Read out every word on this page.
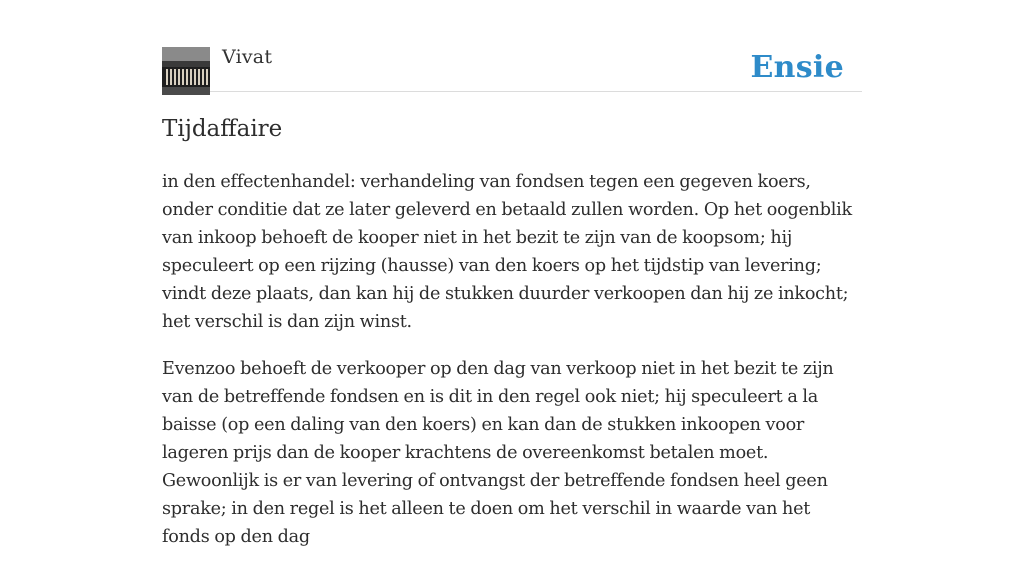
Vivat	Ensie
Tijdaffaire

in den effectenhandel: verhandeling van fondsen tegen een gegeven koers, onder conditie dat ze later geleverd en betaald zullen worden. Op het oogenblik van inkoop behoeft de kooper niet in het bezit te zijn van de koopsom; hij speculeert op een rijzing (hausse) van den koers op het tijdstip van levering; vindt deze plaats, dan kan hij de stukken duurder verkoopen dan hij ze inkocht; het verschil is dan zijn winst.

Evenzoo behoeft de verkooper op den dag van verkoop niet in het bezit te zijn van de betreffende fondsen en is dit in den regel ook niet; hij speculeert a la baisse (op een daling van den koers) en kan dan de stukken inkoopen voor lageren prijs dan de kooper krachtens de overeenkomst betalen moet. Gewoonlijk is er van levering of ontvangst der betreffende fondsen heel geen sprake; in den regel is het alleen te doen om het verschil in waarde van het fonds op den dag
